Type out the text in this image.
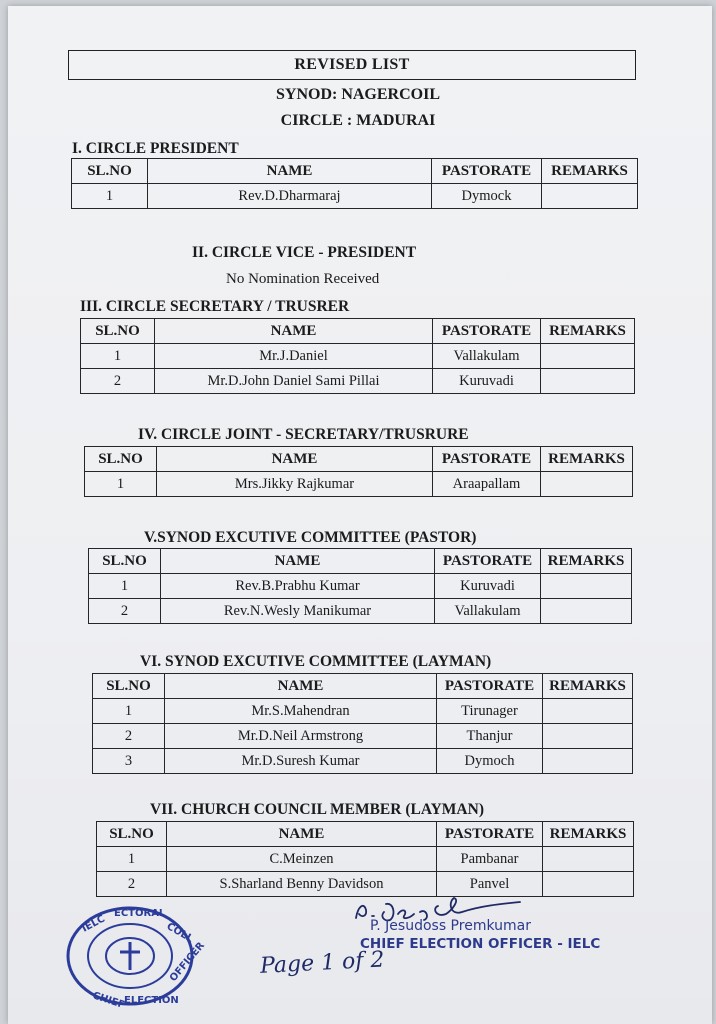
REVISED LIST
SYNOD: NAGERCOIL
CIRCLE : MADURAI
I. CIRCLE PRESIDENT
SL.NO	NAME	PASTORATE	REMARKS
1	Rev.D.Dharmaraj	Dymock	
II. CIRCLE VICE - PRESIDENT
No Nomination Received
III. CIRCLE SECRETARY / TRUSRER
SL.NO	NAME	PASTORATE	REMARKS
1	Mr.J.Daniel	Vallakulam	
2	Mr.D.John Daniel Sami Pillai	Kuruvadi	
IV. CIRCLE JOINT - SECRETARY/TRUSRURE
SL.NO	NAME	PASTORATE	REMARKS
1	Mrs.Jikky Rajkumar	Araapallam	
V.SYNOD EXCUTIVE COMMITTEE (PASTOR)
SL.NO	NAME	PASTORATE	REMARKS
1	Rev.B.Prabhu Kumar	Kuruvadi	
2	Rev.N.Wesly Manikumar	Vallakulam	
VI. SYNOD EXCUTIVE COMMITTEE (LAYMAN)
SL.NO	NAME	PASTORATE	REMARKS
1	Mr.S.Mahendran	Tirunager	
2	Mr.D.Neil Armstrong	Thanjur	
3	Mr.D.Suresh Kumar	Dymoch	
VII. CHURCH COUNCIL MEMBER (LAYMAN)
SL.NO	NAME	PASTORATE	REMARKS
1	C.Meinzen	Pambanar	
2	S.Sharland Benny Davidson	Panvel	
IELC
ECTORAL
COLL
CHIEF
ELECTION
OFFICER
P. Jesudoss Premkumar
CHIEF ELECTION OFFICER - IELC
Page 1 of 2
